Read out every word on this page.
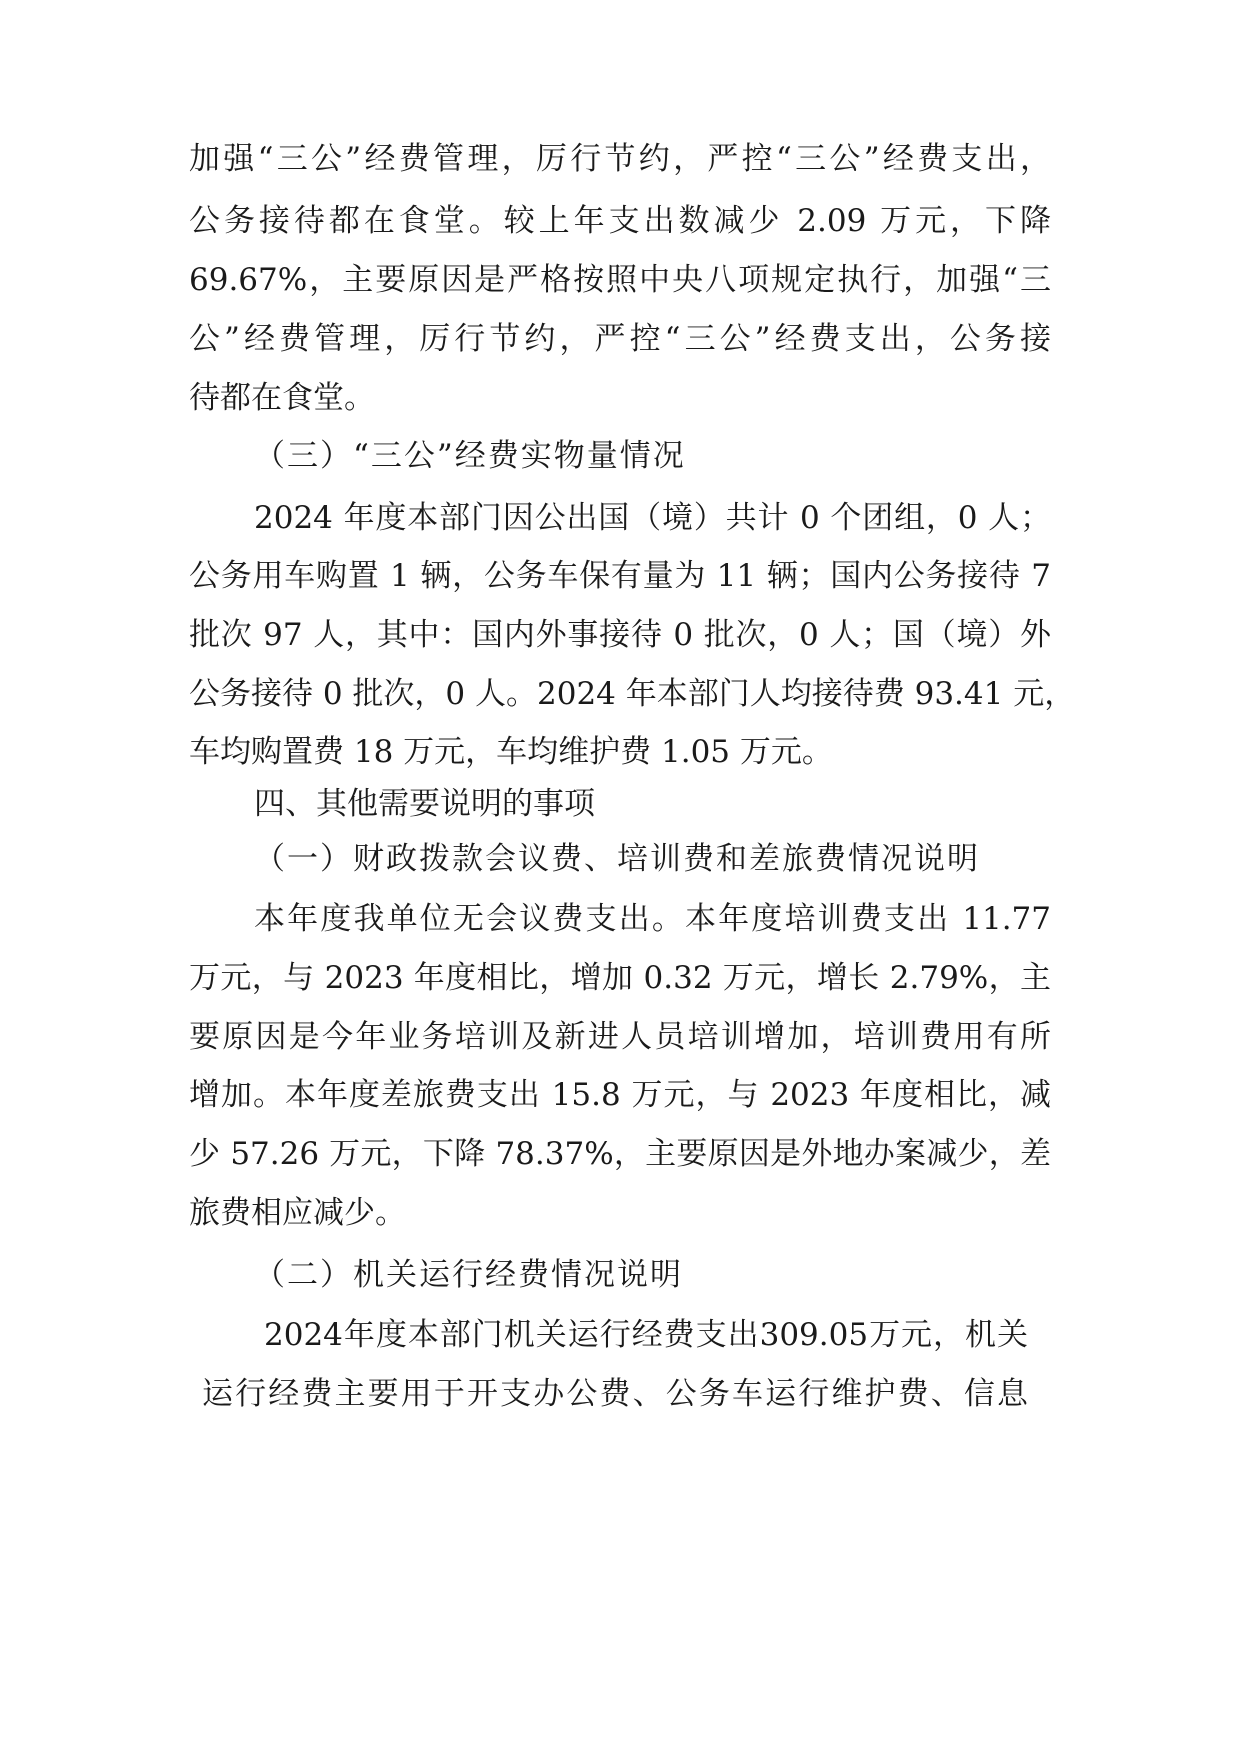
加强“三公”经费管理，厉行节约，严控“三公”经费支出，
公务接待都在食堂。较上年支出数减少 2.09 万元，下降
69.67%，主要原因是严格按照中央八项规定执行，加强“三
公”经费管理，厉行节约，严控“三公”经费支出，公务接
待都在食堂。
（三）“三公”经费实物量情况
2024 年度本部门因公出国（境）共计 0 个团组，0 人；
公务用车购置 1 辆，公务车保有量为 11 辆；国内公务接待 7
批次 97 人，其中：国内外事接待 0 批次，0 人；国（境）外
公务接待 0 批次，0 人。2024 年本部门人均接待费 93.41 元，
车均购置费 18 万元，车均维护费 1.05 万元。
四、其他需要说明的事项
（一）财政拨款会议费、培训费和差旅费情况说明
本年度我单位无会议费支出。本年度培训费支出 11.77
万元，与 2023 年度相比，增加 0.32 万元，增长 2.79%，主
要原因是今年业务培训及新进人员培训增加，培训费用有所
增加。本年度差旅费支出 15.8 万元，与 2023 年度相比，减
少 57.26 万元，下降 78.37%，主要原因是外地办案减少，差
旅费相应减少。
（二）机关运行经费情况说明
2024年度本部门机关运行经费支出309.05万元，机关
运行经费主要用于开支办公费、公务车运行维护费、信息
